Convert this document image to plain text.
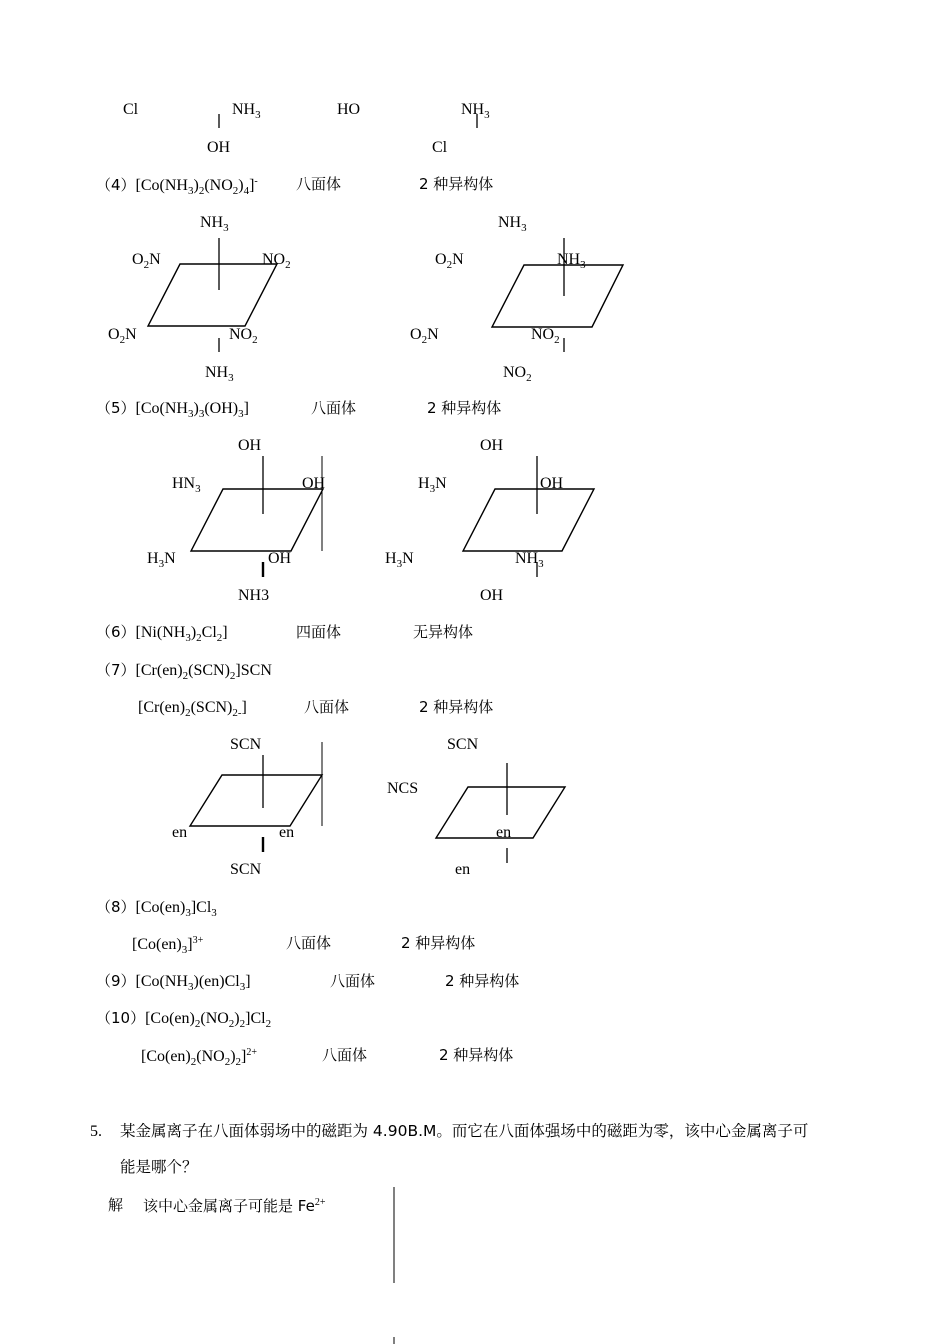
Cl	$NH_3$	HO	$NH_3$
OH	Cl
$(4)[Co(NH_3)_2(NO_2)_4]^-$	八面体	2 种异构体
$NH_3$
$O_2N$	$NO_2$
$O_2N$	$NO_2$
$NH_3$
$NH_3$
$O_2N$	$NH_3$
$O_2N$	$NO_2$
$NO_2$
$(5)[Co(NH_3)_3(OH)_3]$	八面体	2 种异构体
OH
$HN_3$	OH
$H_3N$	OH
NH3
OH
$H_3N$	OH
$H_3N$	$NH_3$
OH
$(6)[Ni(NH_3)_2Cl_2]$	四面体	无异构体
$(7)[Cr(en)_2(SCN)_2]SCN$
$[Cr(en)_2(SCN)_{2-}]$	八面体	2 种异构体
SCN
en	en
SCN
SCN
NCS
en
en
$(8)[Co(en)_3]Cl_3$
$[Co(en)_3]^{3+}$	八面体	2 种异构体
$(9)[Co(NH_3)(en)Cl_3]$	八面体	2 种异构体
$(10)[Co(en)_2(NO_2)_2]Cl_2$
$[Co(en)_2(NO_2)_2]^{2+}$	八面体	2 种异构体
5. 某金属离子在八面体弱场中的磁距为 4.90B.M。而它在八面体强场中的磁距为零，该中心金属离子可
能是哪个？
解 该中心金属离子可能是 $Fe^{2+}$
